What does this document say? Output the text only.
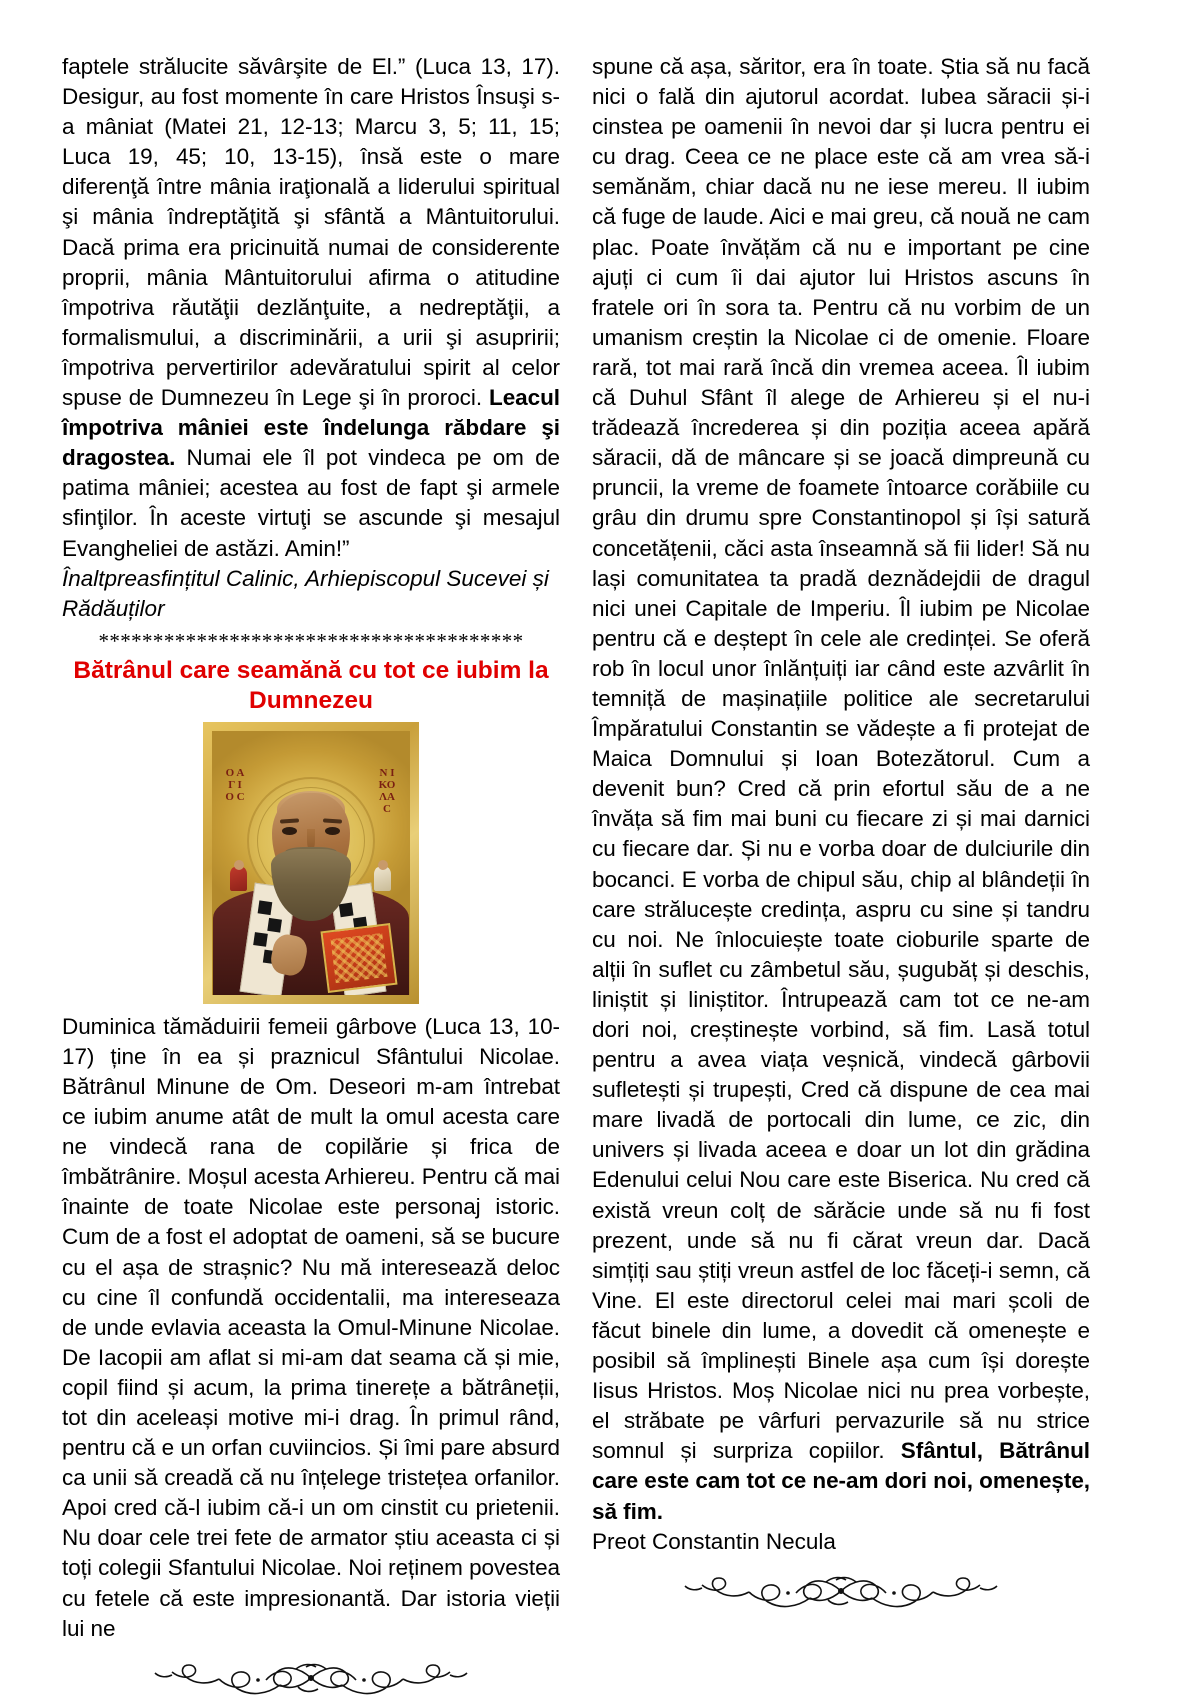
faptele strălucite săvârşite de El.” (Luca 13, 17). Desigur, au fost momente în care Hristos Însuşi s-a mâniat (Matei 21, 12-13; Marcu 3, 5; 11, 15; Luca 19, 45; 10, 13-15), însă este o mare diferenţă între mânia iraţională a liderului spiritual şi mânia îndreptăţită şi sfântă a Mântuitorului. Dacă prima era pricinuită numai de considerente proprii, mânia Mântuitorului afirma o atitudine împotriva răutăţii dezlănţuite, a nedreptăţii, a formalismului, a discriminării, a urii şi asupririi; împotriva pervertirilor adevăratului spirit al celor spuse de Dumnezeu în Lege şi în proroci. Leacul împotriva mâniei este îndelunga răbdare şi dragostea. Numai ele îl pot vindeca pe om de patima mâniei; acestea au fost de fapt şi armele sfinţilor. În aceste virtuţi se ascunde şi mesajul Evangheliei de astăzi. Amin!”

Înaltpreasfințitul Calinic, Arhiepiscopul Sucevei și Rădăuților

***************************************
Bătrânul care seamănă cu tot ce iubim la Dumnezeu
Ο Α Γ Ι Ο C
Ν Ι ΚΟ ΛΑ C

Duminica tămăduirii femeii gârbove (Luca 13, 10-17) ține în ea și praznicul Sfântului Nicolae. Bătrânul Minune de Om. Deseori m-am întrebat ce iubim anume atât de mult la omul acesta care ne vindecă rana de copilărie și frica de îmbătrânire. Moșul acesta Arhiereu. Pentru că mai înainte de toate Nicolae este personaj istoric. Cum de a fost el adoptat de oameni, să se bucure cu el așa de strașnic? Nu mă interesează deloc cu cine îl confundă occidentalii, ma intereseaza de unde evlavia aceasta la Omul-Minune Nicolae. De Iacopii am aflat si mi-am dat seama că și mie, copil fiind și acum, la prima tinerețe a bătrâneții, tot din aceleași motive mi-i drag. În primul rând, pentru că e un orfan cuviincios. Și îmi pare absurd ca unii să creadă că nu înțelege tristețea orfanilor. Apoi cred că-l iubim că-i un om cinstit cu prietenii. Nu doar cele trei fete de armator știu aceasta ci și toți colegii Sfantului Nicolae. Noi reținem povestea cu fetele că este impresionantă. Dar istoria vieții lui ne

spune că așa, săritor, era în toate. Știa să nu facă nici o fală din ajutorul acordat. Iubea săracii și-i cinstea pe oamenii în nevoi dar și lucra pentru ei cu drag. Ceea ce ne place este că am vrea să-i semănăm, chiar dacă nu ne iese mereu. Il iubim că fuge de laude. Aici e mai greu, că nouă ne cam plac. Poate învățăm că nu e important pe cine ajuți ci cum îi dai ajutor lui Hristos ascuns în fratele ori în sora ta. Pentru că nu vorbim de un umanism creștin la Nicolae ci de omenie. Floare rară, tot mai rară încă din vremea aceea. Îl iubim că Duhul Sfânt îl alege de Arhiereu și el nu-i trădează încrederea și din poziția aceea apără săracii, dă de mâncare și se joacă dimpreună cu pruncii, la vreme de foamete întoarce corăbiile cu grâu din drumu spre Constantinopol și își satură concetățenii, căci asta înseamnă să fii lider! Să nu lași comunitatea ta pradă deznădejdii de dragul nici unei Capitale de Imperiu. Îl iubim pe Nicolae pentru că e deștept în cele ale credinței. Se oferă rob în locul unor înlănțuiți iar când este azvârlit în temniță de mașinațiile politice ale secretarului Împăratului Constantin se vădește a fi protejat de Maica Domnului și Ioan Botezătorul. Cum a devenit bun? Cred că prin efortul său de a ne învăța să fim mai buni cu fiecare zi și mai darnici cu fiecare dar. Și nu e vorba doar de dulciurile din bocanci. E vorba de chipul său, chip al blândeții în care strălucește credința, aspru cu sine și tandru cu noi. Ne înlocuiește toate cioburile sparte de alții în suflet cu zâmbetul său, șugubăț și deschis, liniștit și liniștitor. Întrupează cam tot ce ne-am dori noi, creștinește vorbind, să fim. Lasă totul pentru a avea viața veșnică, vindecă gârbovii sufletești și trupești, Cred că dispune de cea mai mare livadă de portocali din lume, ce zic, din univers și livada aceea e doar un lot din grădina Edenului celui Nou care este Biserica. Nu cred că există vreun colț de sărăcie unde să nu fi fost prezent, unde să nu fi cărat vreun dar. Dacă simțiți sau știți vreun astfel de loc făceți-i semn, că Vine. El este directorul celei mai mari școli de făcut binele din lume, a dovedit că omenește e posibil să împlinești Binele așa cum își dorește Iisus Hristos. Moș Nicolae nici nu prea vorbește, el străbate pe vârfuri pervazurile să nu strice somnul și surpriza copiilor. Sfântul, Bătrânul care este cam tot ce ne-am dori noi, omenește, să fim.

Preot Constantin Necula
